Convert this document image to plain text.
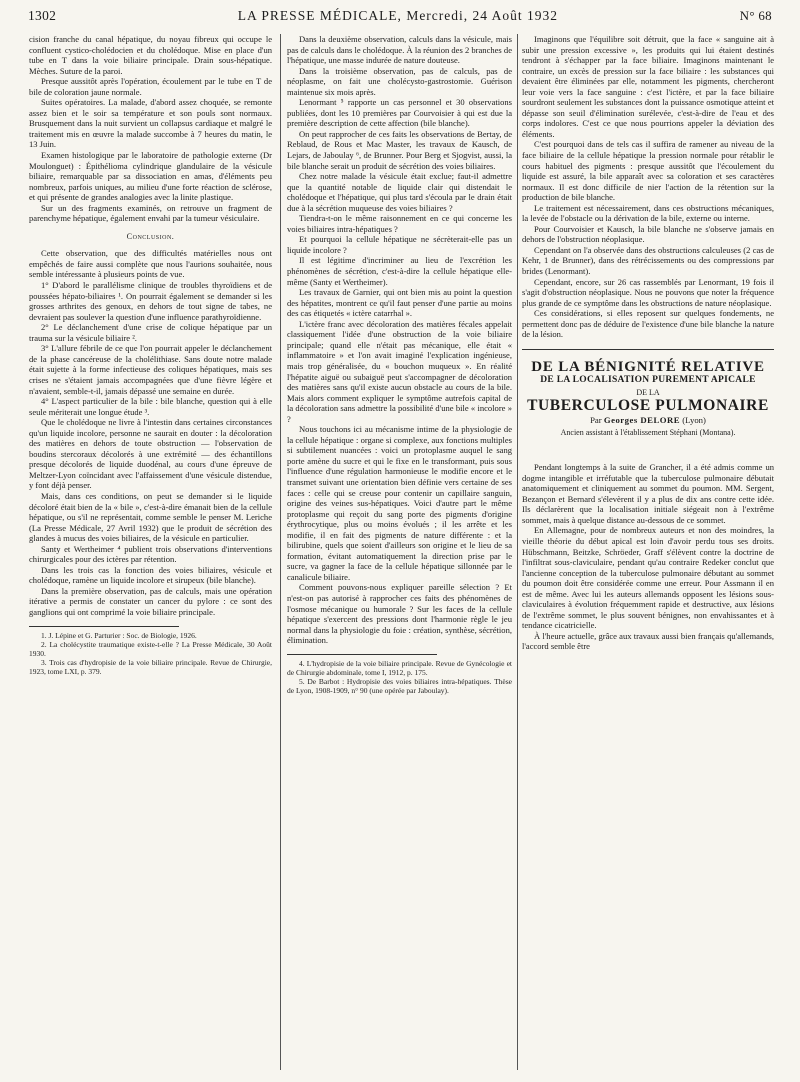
1302	LA PRESSE MÉDICALE, Mercredi, 24 Août 1932	N° 68

cision franche du canal hépatique, du noyau fibreux qui occupe le confluent cystico-cholédocien et du cholédoque. Mise en place d'un tube en T dans la voie biliaire principale. Drain sous-hépatique. Mèches. Suture de la paroi.

Presque aussitôt après l'opération, écoulement par le tube en T de bile de coloration jaune normale.

Suites opératoires. La malade, d'abord assez choquée, se remonte assez bien et le soir sa température et son pouls sont normaux. Brusquement dans la nuit survient un collapsus cardiaque et malgré le traitement mis en œuvre la malade succombe à 7 heures du matin, le 13 Juin.

Examen histologique par le laboratoire de pathologie externe (Dr Moulonguet) : Épithélioma cylindrique glandulaire de la vésicule biliaire, remarquable par sa dissociation en amas, d'éléments peu nombreux, parfois uniques, au milieu d'une forte réaction de sclérose, et qui présente de grandes analogies avec la linite plastique.

Sur un des fragments examinés, on retrouve un fragment de parenchyme hépatique, également envahi par la tumeur vésiculaire.

Conclusion.

Cette observation, que des difficultés matérielles nous ont empêchés de faire aussi complète que nous l'aurions souhaitée, nous semble intéressante à plusieurs points de vue.

1° D'abord le parallélisme clinique de troubles thyroïdiens et de poussées hépato-biliaires ¹. On pourrait également se demander si les grosses arthrites des genoux, en dehors de tout signe de tabes, ne devraient pas soulever la question d'une influence parathyroïdienne.

2° Le déclanchement d'une crise de colique hépatique par un trauma sur la vésicule biliaire ².

3° L'allure fébrile de ce que l'on pourrait appeler le déclanchement de la phase cancéreuse de la cholélithiase. Sans doute notre malade était sujette à la forme infectieuse des coliques hépatiques, mais ses crises ne s'étaient jamais accompagnées que d'une fièvre légère et n'avaient, semble-t-il, jamais dépassé une semaine en durée.

4° L'aspect particulier de la bile : bile blanche, question qui à elle seule mériterait une longue étude ³.

Que le cholédoque ne livre à l'intestin dans certaines circonstances qu'un liquide incolore, personne ne saurait en douter : la décoloration des matières en dehors de toute obstruction — l'observation de boudins stercoraux décolorés à une extrémité — des échantillons presque décolorés de liquide duodénal, au cours d'une épreuve de Meltzer-Lyon coïncidant avec l'affaissement d'une vésicule distendue, y font déjà penser.

Mais, dans ces conditions, on peut se demander si le liquide décoloré était bien de la « bile », c'est-à-dire émanait bien de la cellule hépatique, ou s'il ne représentait, comme semble le penser M. Leriche (La Presse Médicale, 27 Avril 1932) que le produit de sécrétion des glandes à mucus des voies biliaires, de la vésicule en particulier.

Santy et Wertheimer ⁴ publient trois observations d'interventions chirurgicales pour des ictères par rétention.

Dans les trois cas la fonction des voies biliaires, vésicule et cholédoque, ramène un liquide incolore et sirupeux (bile blanche).

Dans la première observation, pas de calculs, mais une opération itérative a permis de constater un cancer du pylore : ce sont des ganglions qui ont comprimé la voie biliaire principale.

1. J. Lépine et G. Parturier : Soc. de Biologie, 1926.

2. La cholécystite traumatique existe-t-elle ? La Presse Médicale, 30 Août 1930.

3. Trois cas d'hydropisie de la voie biliaire principale. Revue de Chirurgie, 1923, tome LXI, p. 379.

Dans la deuxième observation, calculs dans la vésicule, mais pas de calculs dans le cholédoque. À la réunion des 2 branches de l'hépatique, une masse indurée de nature douteuse.

Dans la troisième observation, pas de calculs, pas de néoplasme, on fait une cholécysto-gastrostomie. Guérison maintenue six mois après.

Lenormant ⁵ rapporte un cas personnel et 30 observations publiées, dont les 10 premières par Courvoisier à qui est due la première description de cette affection (bile blanche).

On peut rapprocher de ces faits les observations de Bertay, de Reblaud, de Rous et Mac Master, les travaux de Kausch, de Lejars, de Jaboulay ⁶, de Brunner. Pour Berg et Sjogvist, aussi, la bile blanche serait un produit de sécrétion des voies biliaires.

Chez notre malade la vésicule était exclue; faut-il admettre que la quantité notable de liquide clair qui distendait le cholédoque et l'hépatique, qui plus tard s'écoula par le drain était due à la sécrétion muqueuse des voies biliaires ?

Tiendra-t-on le même raisonnement en ce qui concerne les voies biliaires intra-hépatiques ?

Et pourquoi la cellule hépatique ne sécrèterait-elle pas un liquide incolore ?

Il est légitime d'incriminer au lieu de l'excrétion les phénomènes de sécrétion, c'est-à-dire la cellule hépatique elle-même (Santy et Wertheimer).

Les travaux de Garnier, qui ont bien mis au point la question des hépatites, montrent ce qu'il faut penser d'une partie au moins des cas étiquetés « ictère catarrhal ».

L'ictère franc avec décoloration des matières fécales appelait classiquement l'idée d'une obstruction de la voie biliaire principale; quand elle n'était pas mécanique, elle était « inflammatoire » et l'on avait imaginé l'explication ingénieuse, mais trop généralisée, du « bouchon muqueux ». En réalité l'hépatite aiguë ou subaiguë peut s'accompagner de décoloration des matières sans qu'il existe aucun obstacle au cours de la bile. Mais alors comment expliquer le symptôme autrefois capital de la décoloration sans admettre la possibilité d'une bile « incolore » ?

Nous touchons ici au mécanisme intime de la physiologie de la cellule hépatique : organe si complexe, aux fonctions multiples si subtilement nuancées : voici un protoplasme auquel le sang porte amène du sucre et qui le fixe en le transformant, puis sous l'influence d'une régulation harmonieuse le modifie encore et le transmet suivant une orientation bien définie vers certaine de ses faces : celle qui se creuse pour contenir un capillaire sanguin, origine des veines sus-hépatiques. Voici d'autre part le même protoplasme qui reçoit du sang porte des pigments d'origine érythrocytique, plus ou moins évolués ; il les arrête et les modifie, il en fait des pigments de nature différente : et la bilirubine, quels que soient d'ailleurs son origine et le lieu de sa formation, évitant automatiquement la direction prise par le sucre, va gagner la face de la cellule hépatique sillonnée par le canalicule biliaire.

Comment pouvons-nous expliquer pareille sélection ? Et n'est-on pas autorisé à rapprocher ces faits des phénomènes de l'osmose mécanique ou humorale ? Sur les faces de la cellule hépatique s'exercent des pressions dont l'harmonie règle le jeu normal dans la physiologie du foie : création, synthèse, sécrétion, élimination.

4. L'hydropisie de la voie biliaire principale. Revue de Gynécologie et de Chirurgie abdominale, tome I, 1912, p. 175.

5. De Barbot : Hydropisie des voies biliaires intra-hépatiques. Thèse de Lyon, 1908-1909, n° 90 (une opérée par Jaboulay).

Imaginons que l'équilibre soit détruit, que la face « sanguine ait à subir une pression excessive », les produits qui lui étaient destinés tendront à s'échapper par la face biliaire. Imaginons maintenant le contraire, un excès de pression sur la face biliaire : les substances qui devaient être éliminées par elle, notamment les pigments, chercheront leur voie vers la face sanguine : c'est l'ictère, et par la face biliaire sourdront seulement les substances dont la puissance osmotique atteint et dépasse son seuil d'élimination surélevée, c'est-à-dire de l'eau et des corps indolores. C'est ce que nous pourrions appeler la déviation des éléments.

C'est pourquoi dans de tels cas il suffira de ramener au niveau de la face biliaire de la cellule hépatique la pression normale pour rétablir le cours habituel des pigments : presque aussitôt que l'écoulement du liquide est assuré, la bile apparaît avec sa coloration et ses caractères normaux. Il est donc difficile de nier l'action de la rétention sur la production de bile blanche.

Le traitement est nécessairement, dans ces obstructions mécaniques, la levée de l'obstacle ou la dérivation de la bile, externe ou interne.

Pour Courvoisier et Kausch, la bile blanche ne s'observe jamais en dehors de l'obstruction néoplasique.

Cependant on l'a observée dans des obstructions calculeuses (2 cas de Kehr, 1 de Brunner), dans des rétrécissements ou des compressions par brides (Lenormant).

Cependant, encore, sur 26 cas rassemblés par Lenormant, 19 fois il s'agit d'obstruction néoplasique. Nous ne pouvons que noter la fréquence plus grande de ce symptôme dans les obstructions de nature néoplasique.

Ces considérations, si elles reposent sur quelques fondements, ne permettent donc pas de déduire de l'existence d'une bile blanche la nature de la lésion.

DE LA BÉNIGNITÉ RELATIVE
DE LA LOCALISATION PUREMENT APICALE
DE LA
TUBERCULOSE PULMONAIRE
Par Georges DELORE (Lyon)
Ancien assistant à l'établissement Stéphani (Montana).

Pendant longtemps à la suite de Grancher, il a été admis comme un dogme intangible et irréfutable que la tuberculose pulmonaire débutait anatomiquement et cliniquement au sommet du poumon. MM. Sergent, Bezançon et Bernard s'élevèrent il y a plus de dix ans contre cette idée. Ils déclarèrent que la localisation initiale siégeait non à l'extrême sommet, mais à quelque distance au-dessous de ce sommet.

En Allemagne, pour de nombreux auteurs et non des moindres, la vieille théorie du début apical est loin d'avoir perdu tous ses droits. Hübschmann, Beitzke, Schröeder, Graff s'élèvent contre la doctrine de l'infiltrat sous-claviculaire, pendant qu'au contraire Redeker conclut que l'ancienne conception de la tuberculose pulmonaire débutant au sommet du poumon doit être considérée comme une erreur. Pour Assmann il en est de même. Avec lui les auteurs allemands opposent les lésions sous-claviculaires à évolution fréquemment rapide et destructive, aux lésions de l'extrême sommet, le plus souvent bénignes, non envahissantes et à tendance cicatricielle.

À l'heure actuelle, grâce aux travaux aussi bien français qu'allemands, l'accord semble être
